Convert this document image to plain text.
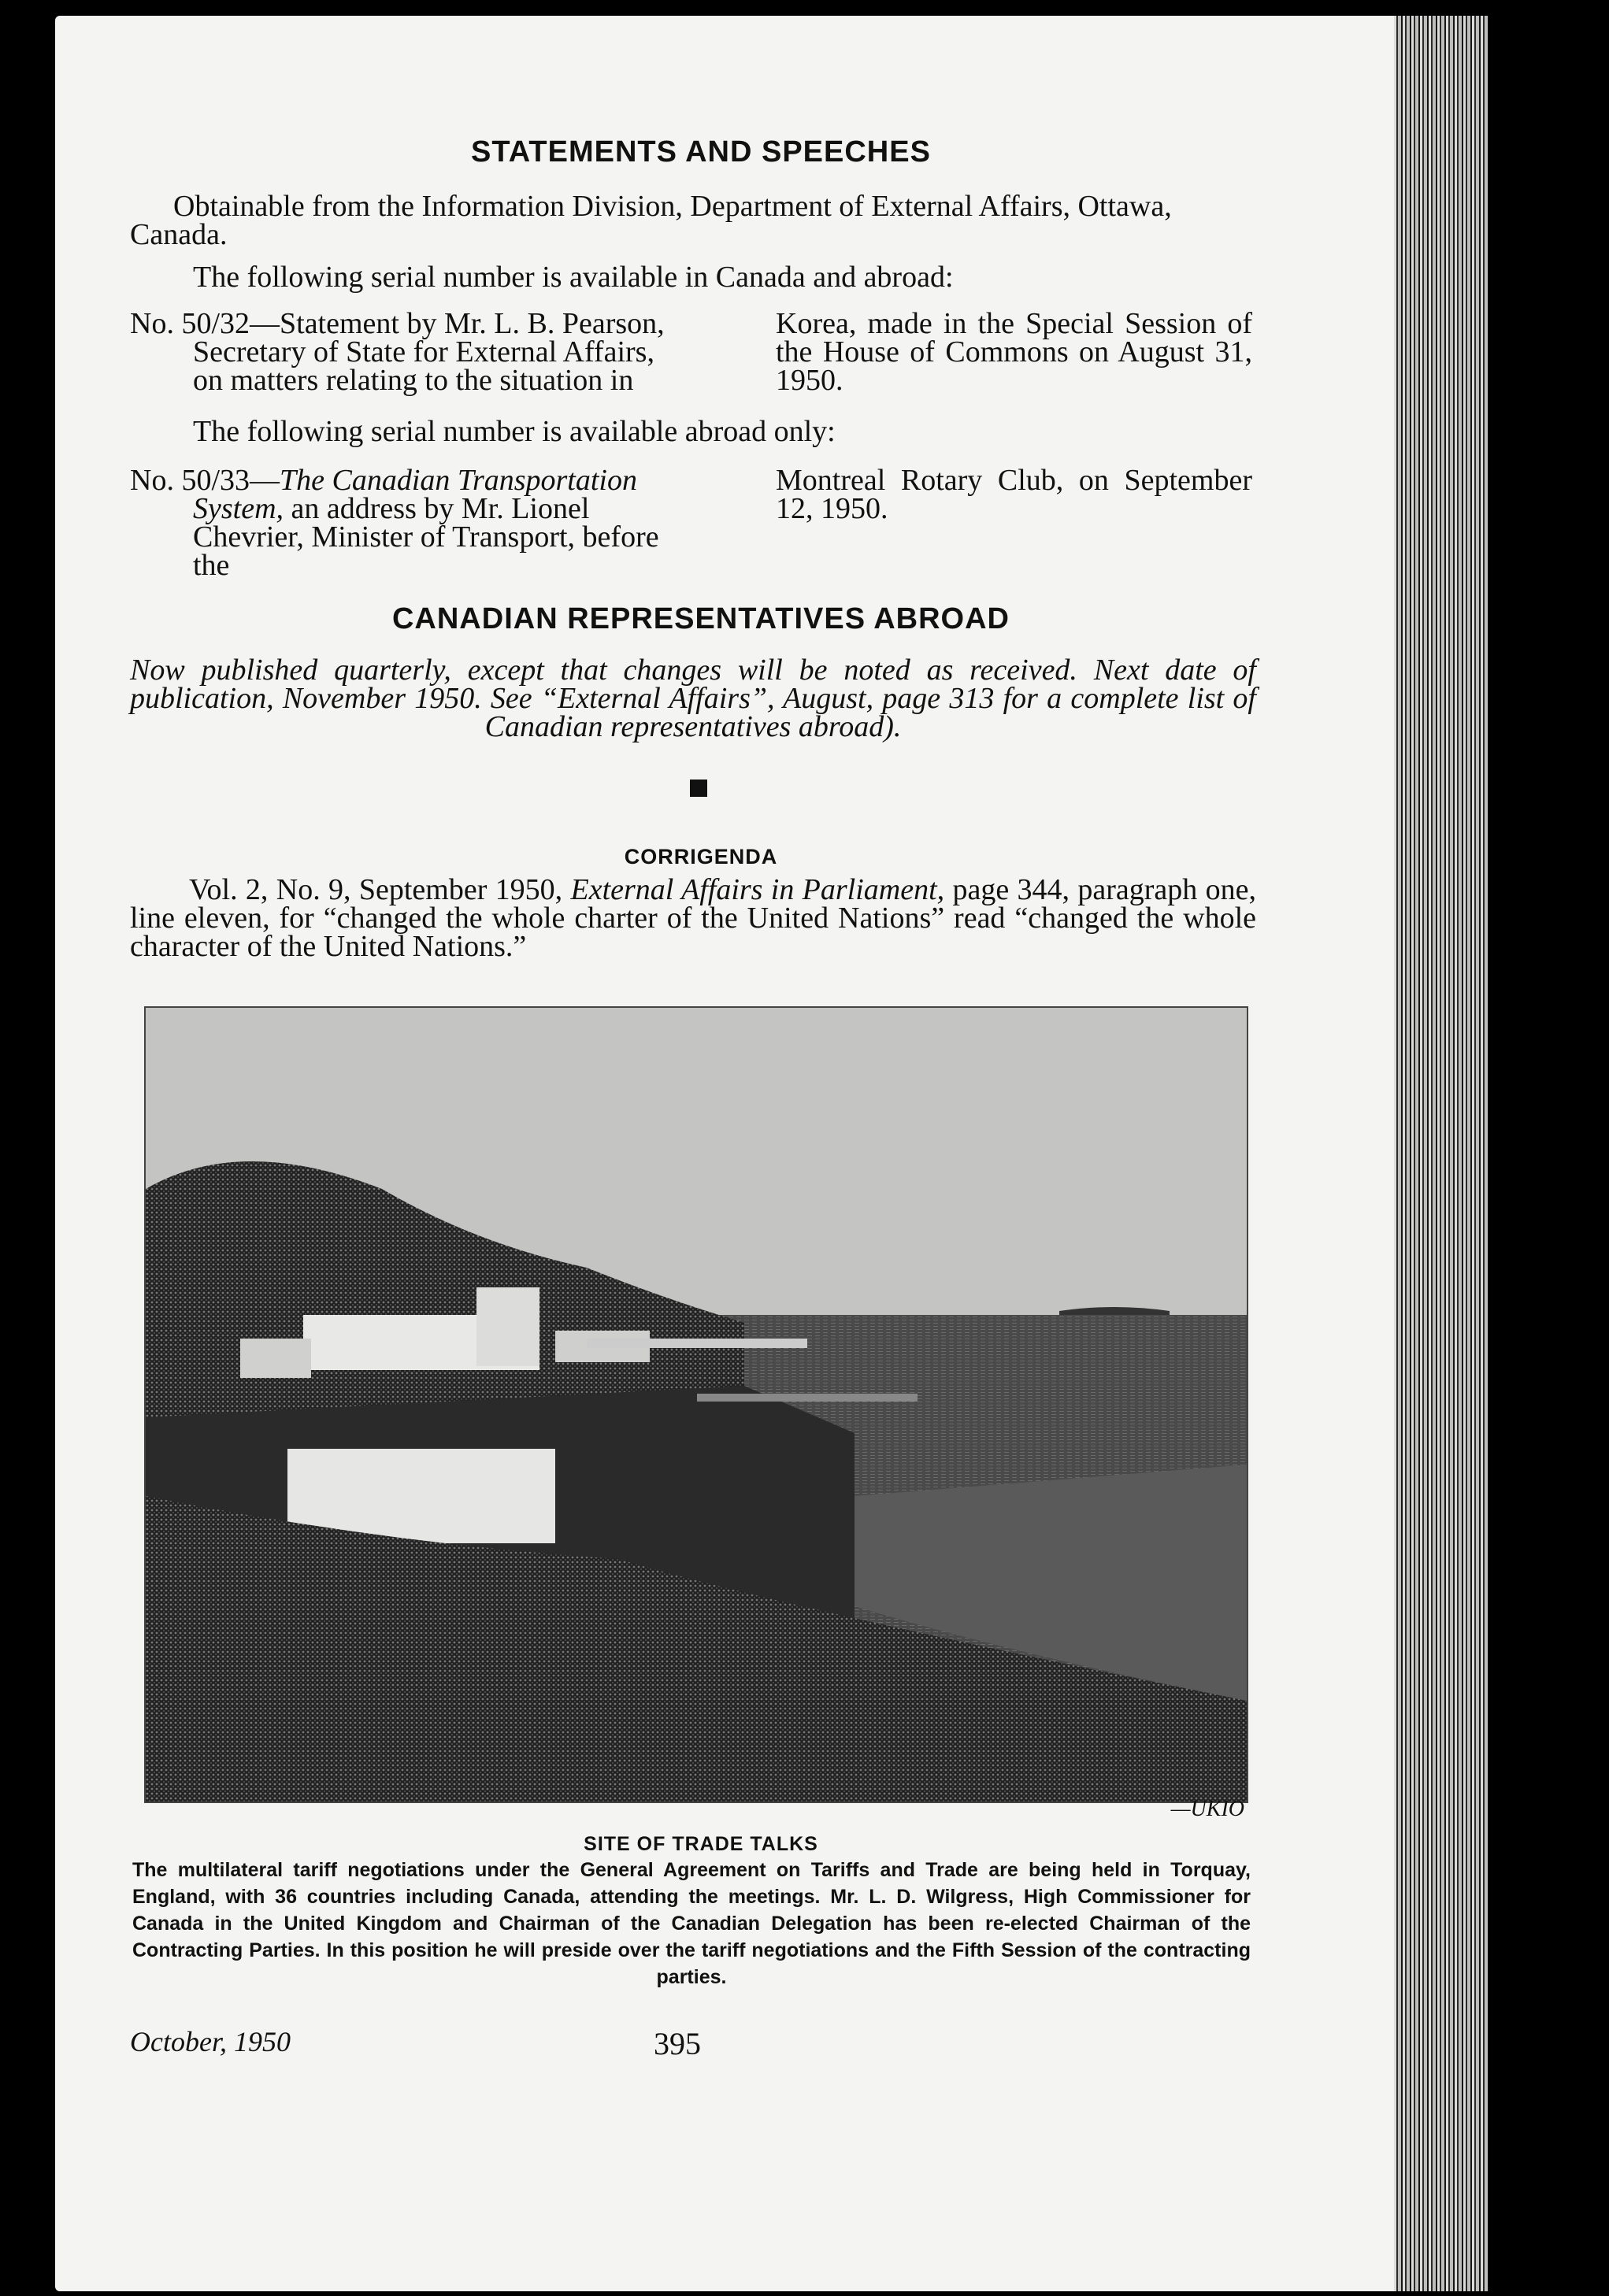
STATEMENTS AND SPEECHES
Obtainable from the Information Division, Department of External Affairs, Ottawa,
Canada.
The following serial number is available in Canada and abroad:
No. 50/32—Statement by Mr. L. B. Pearson, Secretary of State for External Affairs, on matters relating to the situation in
Korea, made in the Special Session of the House of Commons on August 31, 1950.
The following serial number is available abroad only:
No. 50/33—The Canadian Transportation System, an address by Mr. Lionel Chevrier, Minister of Transport, before the
Montreal Rotary Club, on September 12, 1950.
CANADIAN REPRESENTATIVES ABROAD
Now published quarterly, except that changes will be noted as received. Next date of publication, November 1950. See “External Affairs”, August, page 313 for a complete list of Canadian representatives abroad).
CORRIGENDA
Vol. 2, No. 9, September 1950, External Affairs in Parliament, page 344, paragraph one, line eleven, for “changed the whole charter of the United Nations” read “changed the whole character of the United Nations.”
—UKIO
SITE OF TRADE TALKS
The multilateral tariff negotiations under the General Agreement on Tariffs and Trade are being held in Torquay, England, with 36 countries including Canada, attending the meetings. Mr. L. D. Wilgress, High Commissioner for Canada in the United Kingdom and Chairman of the Canadian Delegation has been re-elected Chairman of the Contracting Parties. In this position he will preside over the tariff negotiations and the Fifth Session of the contracting parties.
October, 1950	395
